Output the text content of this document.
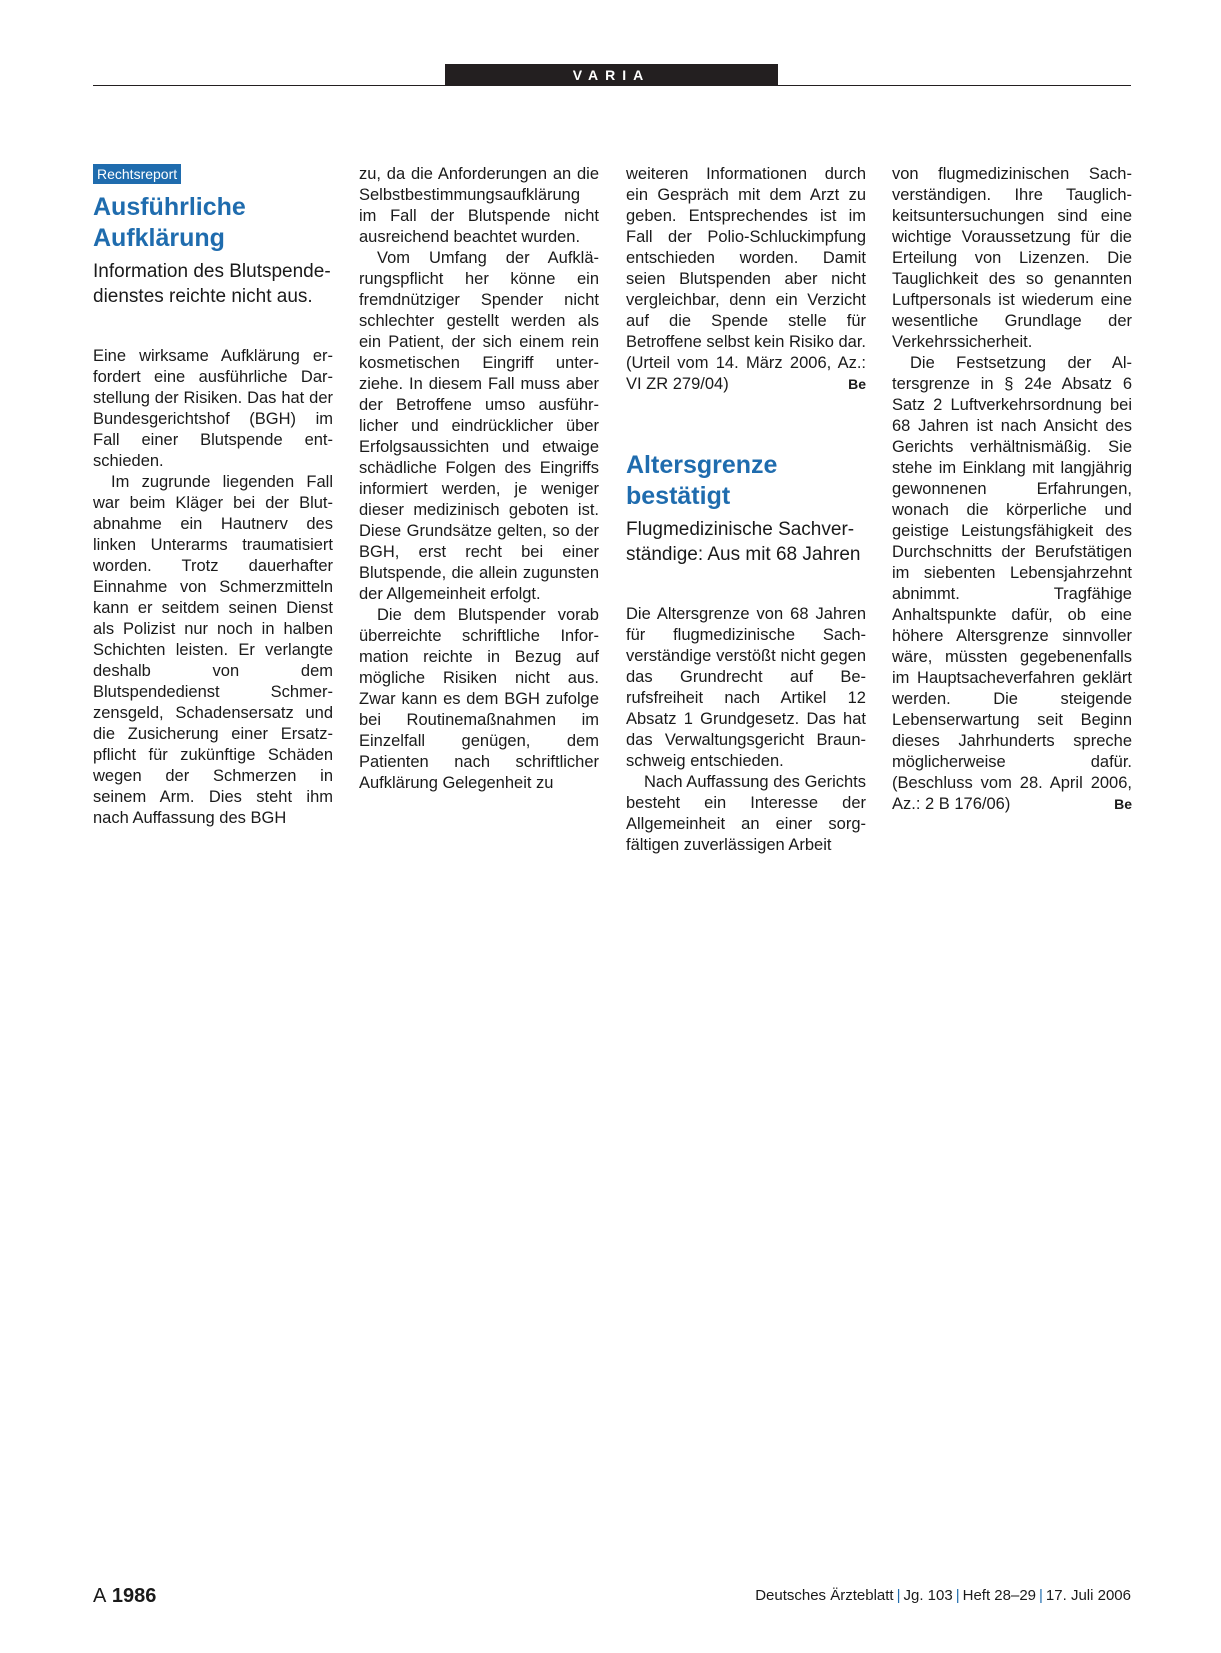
VARIA
Rechtsreport
Ausführliche Aufklärung
Information des Blutspendedienstes reichte nicht aus.

Eine wirksame Aufklärung erfordert eine ausführliche Darstellung der Risiken. Das hat der Bundesgerichtshof (BGH) im Fall einer Blutspende entschieden.

Im zugrunde liegenden Fall war beim Kläger bei der Blutabnahme ein Hautnerv des linken Unterarms traumatisiert worden. Trotz dauerhafter Einnahme von Schmerzmitteln kann er seitdem seinen Dienst als Polizist nur noch in halben Schichten leisten. Er verlangte deshalb von dem Blutspendedienst Schmerzensgeld, Schadensersatz und die Zusicherung einer Ersatzpflicht für zukünftige Schäden wegen der Schmerzen in seinem Arm. Dies steht ihm nach Auffassung des BGH

zu, da die Anforderungen an die Selbstbestimmungsaufklärung im Fall der Blutspende nicht ausreichend beachtet wurden.

Vom Umfang der Aufklärungspflicht her könne ein fremdnütziger Spender nicht schlechter gestellt werden als ein Patient, der sich einem rein kosmetischen Eingriff unterziehe. In diesem Fall muss aber der Betroffene umso ausführlicher und eindrücklicher über Erfolgsaussichten und etwaige schädliche Folgen des Eingriffs informiert werden, je weniger dieser medizinisch geboten ist. Diese Grundsätze gelten, so der BGH, erst recht bei einer Blutspende, die allein zugunsten der Allgemeinheit erfolgt.

Die dem Blutspender vorab überreichte schriftliche Information reichte in Bezug auf mögliche Risiken nicht aus. Zwar kann es dem BGH zufolge bei Routinemaßnahmen im Einzelfall genügen, dem Patienten nach schriftlicher Aufklärung Gelegenheit zu

weiteren Informationen durch ein Gespräch mit dem Arzt zu geben. Entsprechendes ist im Fall der Polio-Schluckimpfung entschieden worden. Damit seien Blutspenden aber nicht vergleichbar, denn ein Verzicht auf die Spende stelle für Betroffene selbst kein Risiko dar. (Urteil vom 14. März 2006, Az.: VI ZR 279/04)	Be

Altersgrenze bestätigt
Flugmedizinische Sachverständige: Aus mit 68 Jahren

Die Altersgrenze von 68 Jahren für flugmedizinische Sachverständige verstößt nicht gegen das Grundrecht auf Berufsfreiheit nach Artikel 12 Absatz 1 Grundgesetz. Das hat das Verwaltungsgericht Braunschweig entschieden.

Nach Auffassung des Gerichts besteht ein Interesse der Allgemeinheit an einer sorgfältigen zuverlässigen Arbeit

von flugmedizinischen Sachverständigen. Ihre Tauglichkeitsuntersuchungen sind eine wichtige Voraussetzung für die Erteilung von Lizenzen. Die Tauglichkeit des so genannten Luftpersonals ist wiederum eine wesentliche Grundlage der Verkehrssicherheit.

Die Festsetzung der Altersgrenze in § 24e Absatz 6 Satz 2 Luftverkehrsordnung bei 68 Jahren ist nach Ansicht des Gerichts verhältnismäßig. Sie stehe im Einklang mit langjährig gewonnenen Erfahrungen, wonach die körperliche und geistige Leistungsfähigkeit des Durchschnitts der Berufstätigen im siebenten Lebensjahrzehnt abnimmt. Tragfähige Anhaltspunkte dafür, ob eine höhere Altersgrenze sinnvoller wäre, müssten gegebenenfalls im Hauptsacheverfahren geklärt werden. Die steigende Lebenserwartung seit Beginn dieses Jahrhunderts spreche möglicherweise dafür. (Beschluss vom 28. April 2006, Az.: 2 B 176/06)	Be

A 1986	Deutsches Ärzteblatt | Jg. 103 | Heft 28–29 | 17. Juli 2006
